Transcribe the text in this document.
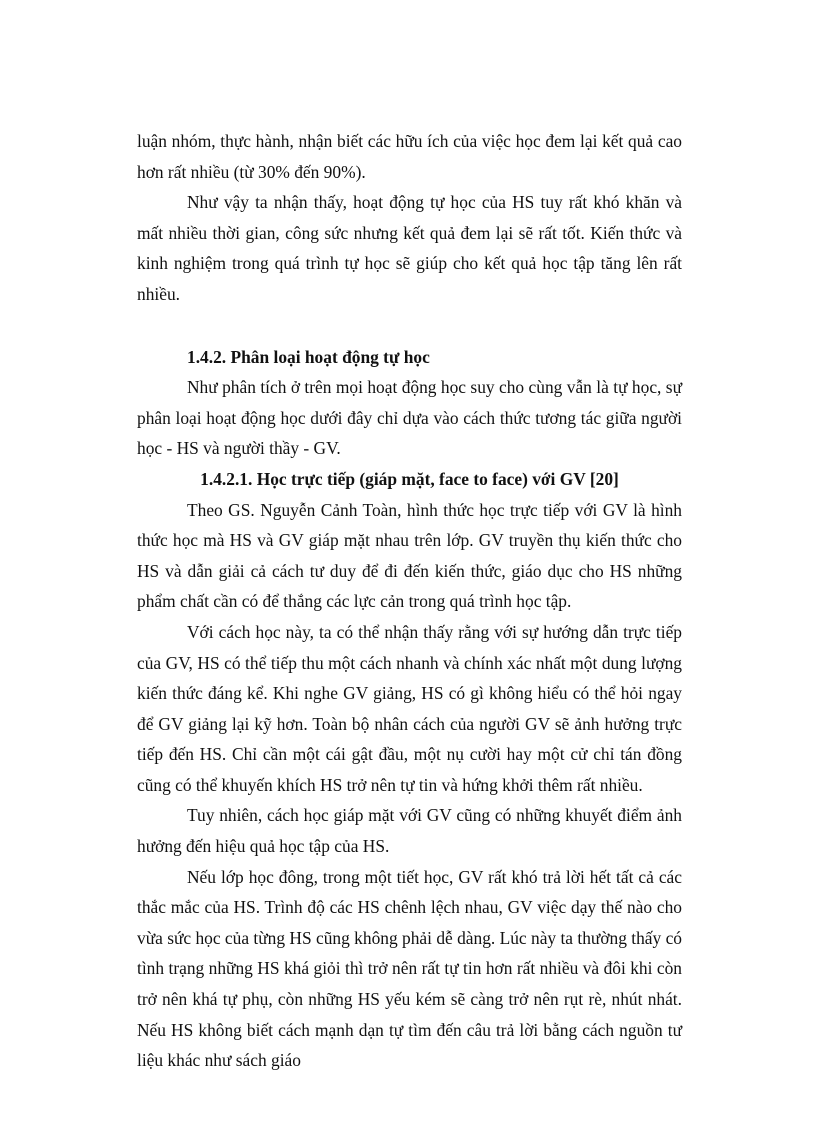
luận nhóm, thực hành, nhận biết các hữu ích của việc học đem lại kết quả cao hơn rất nhiều (từ 30% đến 90%).

Như vậy ta nhận thấy, hoạt động tự học của HS tuy rất khó khăn và mất nhiều thời gian, công sức nhưng kết quả đem lại sẽ rất tốt. Kiến thức và kinh nghiệm trong quá trình tự học sẽ giúp cho kết quả học tập tăng lên rất nhiều.

1.4.2. Phân loại hoạt động tự học

Như phân tích ở trên mọi hoạt động học suy cho cùng vẫn là tự học, sự phân loại hoạt động học dưới đây chỉ dựa vào cách thức tương tác giữa người học - HS và người thầy - GV.

1.4.2.1. Học trực tiếp (giáp mặt, face to face) với GV [20]

Theo GS. Nguyễn Cảnh Toàn, hình thức học trực tiếp với GV là hình thức học mà HS và GV giáp mặt nhau trên lớp. GV truyền thụ kiến thức cho HS và dẫn giải cả cách tư duy để đi đến kiến thức, giáo dục cho HS những phẩm chất cần có để thắng các lực cản trong quá trình học tập.

Với cách học này, ta có thể nhận thấy rằng với sự hướng dẫn trực tiếp của GV, HS có thể tiếp thu một cách nhanh và chính xác nhất một dung lượng kiến thức đáng kể. Khi nghe GV giảng, HS có gì không hiểu có thể hỏi ngay để GV giảng lại kỹ hơn. Toàn bộ nhân cách của người GV sẽ ảnh hưởng trực tiếp đến HS. Chỉ cần một cái gật đầu, một nụ cười hay một cử chỉ tán đồng cũng có thể khuyến khích HS trở nên tự tin và hứng khởi thêm rất nhiều.

Tuy nhiên, cách học giáp mặt với GV cũng có những khuyết điểm ảnh hưởng đến hiệu quả học tập của HS.

Nếu lớp học đông, trong một tiết học, GV rất khó trả lời hết tất cả các thắc mắc của HS. Trình độ các HS chênh lệch nhau, GV việc dạy thế nào cho vừa sức học của từng HS cũng không phải dễ dàng. Lúc này ta thường thấy có tình trạng những HS khá giỏi thì trở nên rất tự tin hơn rất nhiều và đôi khi còn trở nên khá tự phụ, còn những HS yếu kém sẽ càng trở nên rụt rè, nhút nhát. Nếu HS không biết cách mạnh dạn tự tìm đến câu trả lời bằng cách nguồn tư liệu khác như sách giáo
